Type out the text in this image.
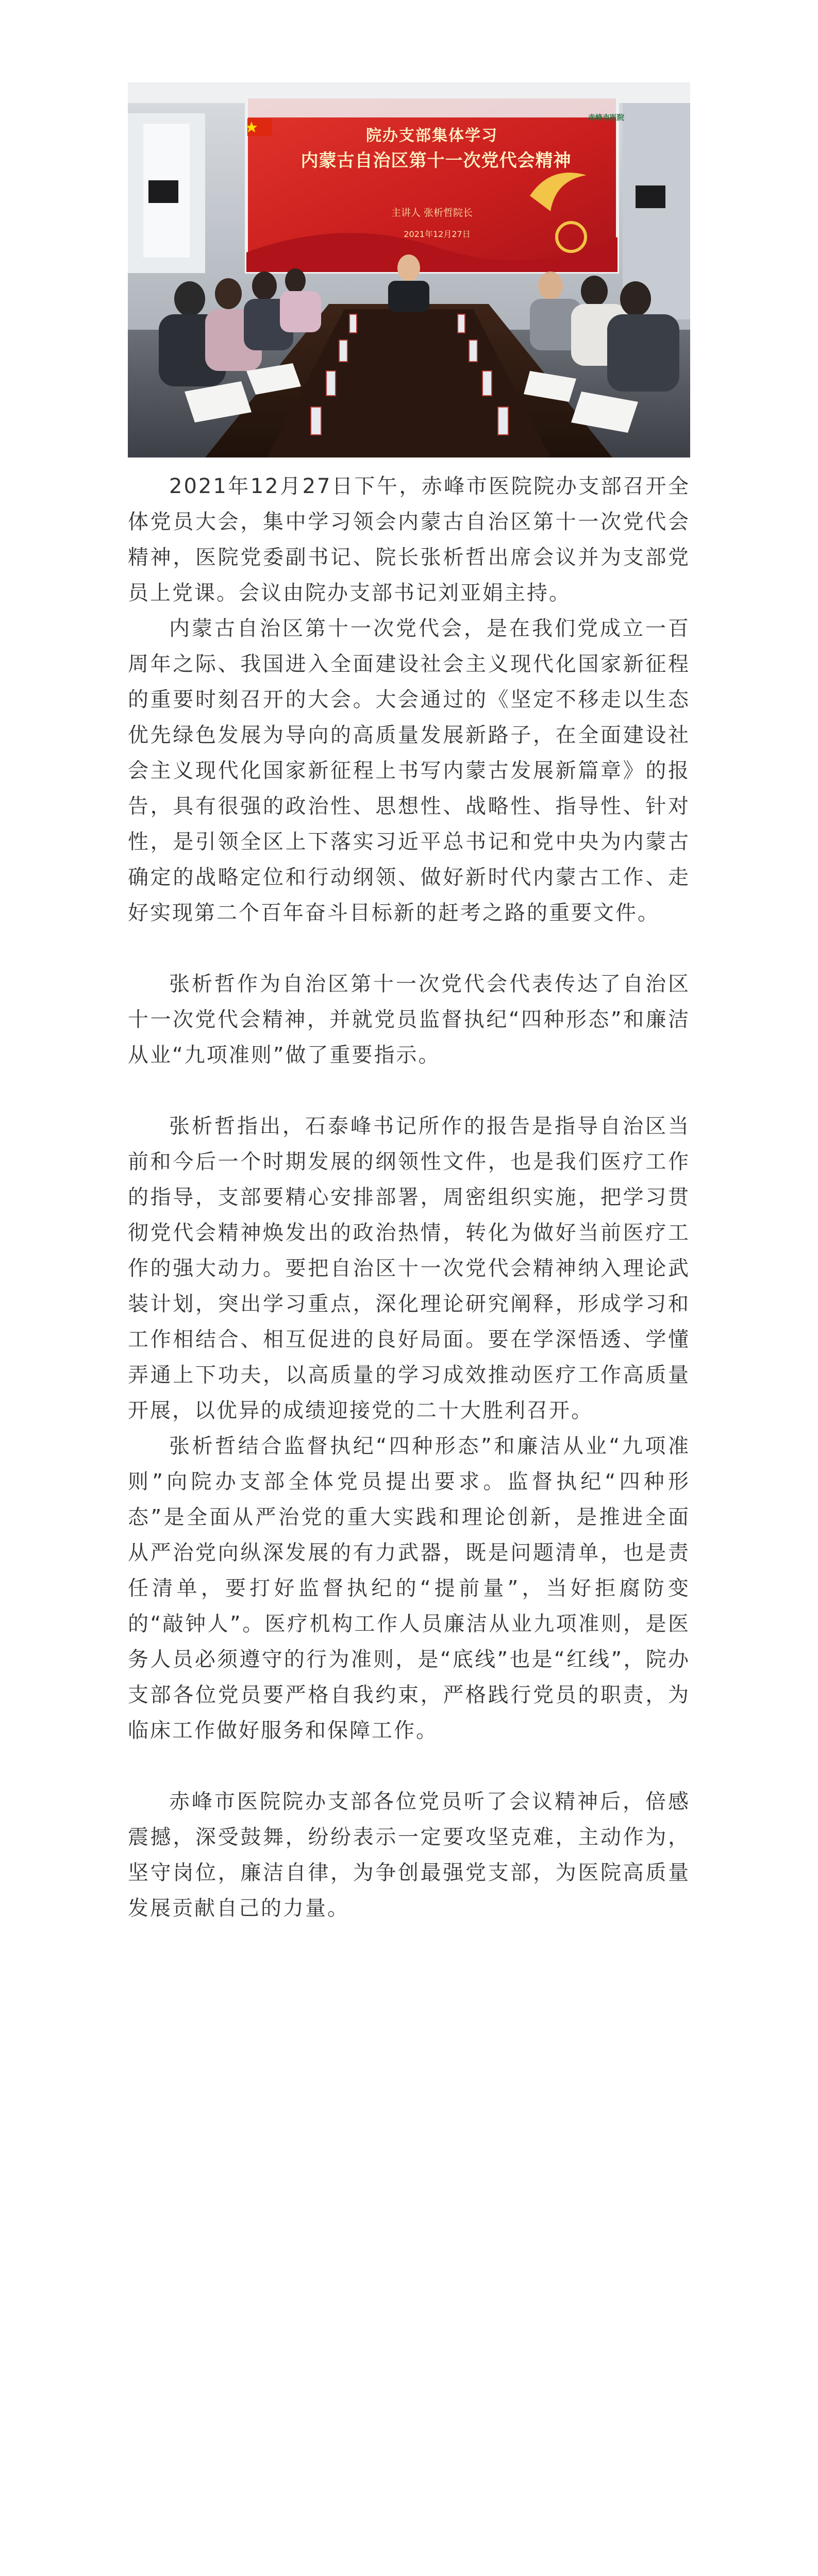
赤峰市医院
院办支部集体学习
内蒙古自治区第十一次党代会精神
主讲人 张析哲院长
2021年12月27日

2021年12月27日下午，赤峰市医院院办支部召开全体党员大会，集中学习领会内蒙古自治区第十一次党代会精神，医院党委副书记、院长张析哲出席会议并为支部党员上党课。会议由院办支部书记刘亚娟主持。

内蒙古自治区第十一次党代会，是在我们党成立一百周年之际、我国进入全面建设社会主义现代化国家新征程的重要时刻召开的大会。大会通过的《坚定不移走以生态优先绿色发展为导向的高质量发展新路子，在全面建设社会主义现代化国家新征程上书写内蒙古发展新篇章》的报告，具有很强的政治性、思想性、战略性、指导性、针对性，是引领全区上下落实习近平总书记和党中央为内蒙古确定的战略定位和行动纲领、做好新时代内蒙古工作、走好实现第二个百年奋斗目标新的赶考之路的重要文件。

张析哲作为自治区第十一次党代会代表传达了自治区十一次党代会精神，并就党员监督执纪“四种形态”和廉洁从业“九项准则”做了重要指示。

张析哲指出，石泰峰书记所作的报告是指导自治区当前和今后一个时期发展的纲领性文件，也是我们医疗工作的指导，支部要精心安排部署，周密组织实施，把学习贯彻党代会精神焕发出的政治热情，转化为做好当前医疗工作的强大动力。要把自治区十一次党代会精神纳入理论武装计划，突出学习重点，深化理论研究阐释，形成学习和工作相结合、相互促进的良好局面。要在学深悟透、学懂弄通上下功夫，以高质量的学习成效推动医疗工作高质量开展，以优异的成绩迎接党的二十大胜利召开。

张析哲结合监督执纪“四种形态”和廉洁从业“九项准则”向院办支部全体党员提出要求。监督执纪“四种形态”是全面从严治党的重大实践和理论创新，是推进全面从严治党向纵深发展的有力武器，既是问题清单，也是责任清单，要打好监督执纪的“提前量”，当好拒腐防变的“敲钟人”。医疗机构工作人员廉洁从业九项准则，是医务人员必须遵守的行为准则，是“底线”也是“红线”，院办支部各位党员要严格自我约束，严格践行党员的职责，为临床工作做好服务和保障工作。

赤峰市医院院办支部各位党员听了会议精神后，倍感震撼，深受鼓舞，纷纷表示一定要攻坚克难，主动作为，坚守岗位，廉洁自律，为争创最强党支部，为医院高质量发展贡献自己的力量。
